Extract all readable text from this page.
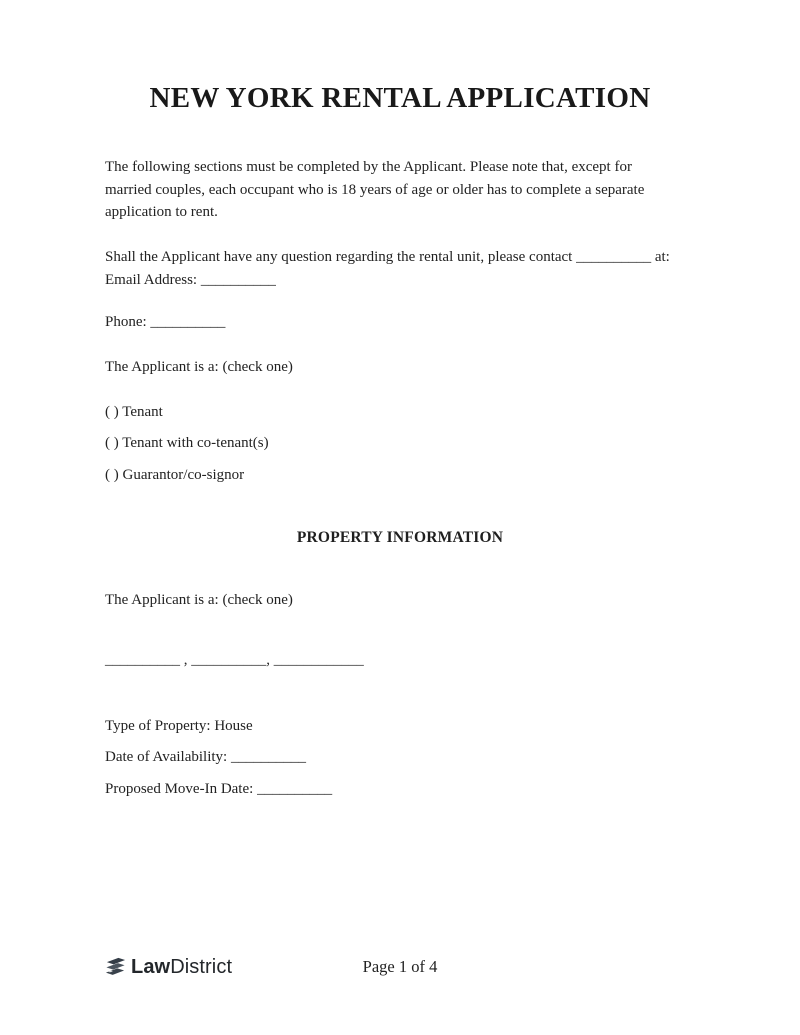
NEW YORK RENTAL APPLICATION
The following sections must be completed by the Applicant. Please note that, except for
married couples, each occupant who is 18 years of age or older has to complete a separate
application to rent.
Shall the Applicant have any question regarding the rental unit, please contact __________ at:
Email Address: __________
Phone: __________
The Applicant is a: (check one)
( ) Tenant
( ) Tenant with co-tenant(s)
( ) Guarantor/co-signor
PROPERTY INFORMATION
The Applicant is a: (check one)
__________ , __________, ____________
Type of Property: House
Date of Availability: __________
Proposed Move-In Date: __________
Law District	Page 1 of 4
